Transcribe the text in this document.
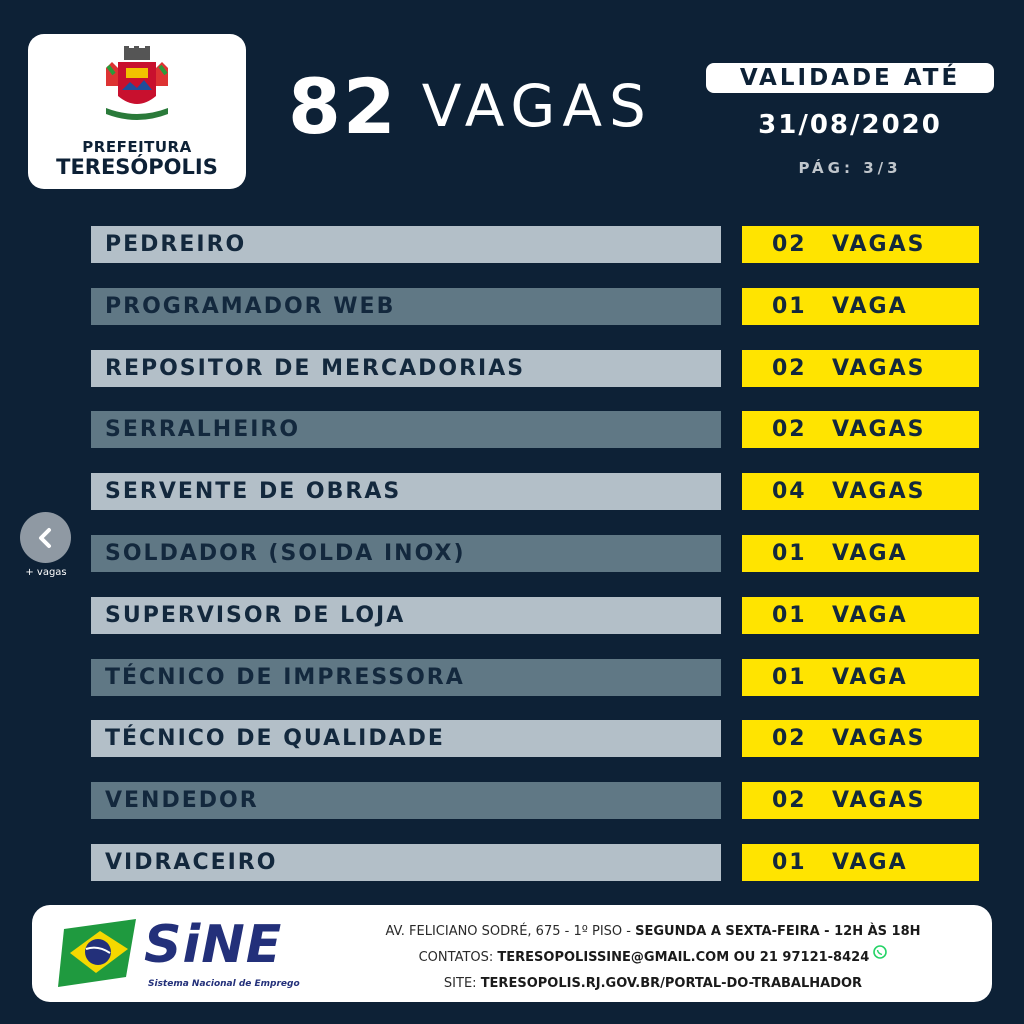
PREFEITURA
TERESÓPOLIS
82 VAGAS	VALIDADE ATÉ
31/08/2020
PÁG: 3/3
PEDREIRO	02	VAGAS
PROGRAMADOR WEB	01	VAGA
REPOSITOR DE MERCADORIAS	02	VAGAS
SERRALHEIRO	02	VAGAS
SERVENTE DE OBRAS	04	VAGAS
SOLDADOR (SOLDA INOX)	01	VAGA
SUPERVISOR DE LOJA	01	VAGA
TÉCNICO DE IMPRESSORA	01	VAGA
TÉCNICO DE QUALIDADE	02	VAGAS
VENDEDOR	02	VAGAS
VIDRACEIRO	01	VAGA
+ vagas
SiNE
Sistema Nacional de Emprego
AV. FELICIANO SODRÉ, 675 - 1º PISO - SEGUNDA A SEXTA-FEIRA - 12H ÀS 18H
CONTATOS: TERESOPOLISSINE@GMAIL.COM OU 21 97121-8424
SITE: TERESOPOLIS.RJ.GOV.BR/PORTAL-DO-TRABALHADOR
